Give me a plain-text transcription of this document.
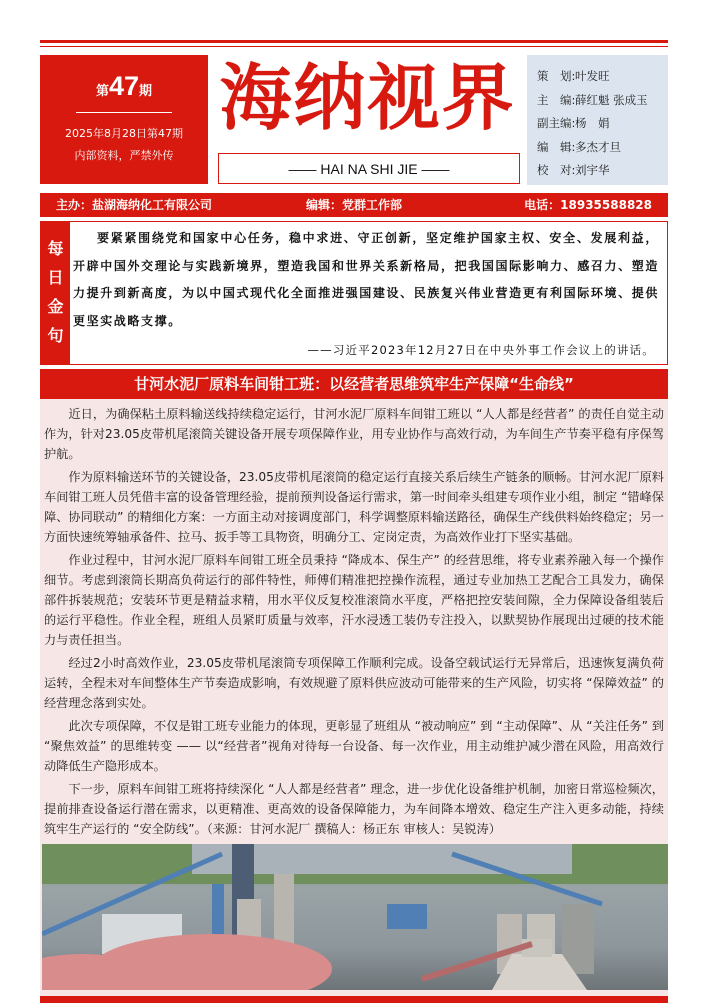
第47期
2025年8月28日第47期
内部资料，严禁外传
海纳视界
—— HAI NA SHI JIE ——
策　划:叶发旺
主　编:薛红魁 张成玉
副主编:杨　娟
编　辑:多杰才旦
校　对:刘宇华
主办：盐湖海纳化工有限公司	编辑：党群工作部	电话：18935588828
每日金句
要紧紧围绕党和国家中心任务，稳中求进、守正创新，坚定维护国家主权、安全、发展利益，开辟中国外交理论与实践新境界，塑造我国和世界关系新格局，把我国国际影响力、感召力、塑造力提升到新高度，为以中国式现代化全面推进强国建设、民族复兴伟业营造更有利国际环境、提供更坚实战略支撑。
——习近平2023年12月27日在中央外事工作会议上的讲话。
甘河水泥厂原料车间钳工班：以经营者思维筑牢生产保障“生命线”

近日，为确保粘土原料输送线持续稳定运行，甘河水泥厂原料车间钳工班以 “人人都是经营者” 的责任自觉主动作为，针对23.05皮带机尾滚筒关键设备开展专项保障作业，用专业协作与高效行动，为车间生产节奏平稳有序保驾护航。

作为原料输送环节的关键设备，23.05皮带机尾滚筒的稳定运行直接关系后续生产链条的顺畅。甘河水泥厂原料车间钳工班人员凭借丰富的设备管理经验，提前预判设备运行需求，第一时间牵头组建专项作业小组，制定 “错峰保障、协同联动” 的精细化方案：一方面主动对接调度部门，科学调整原料输送路径，确保生产线供料始终稳定；另一方面快速统筹轴承备件、拉马、扳手等工具物资，明确分工、定岗定责，为高效作业打下坚实基础。

作业过程中，甘河水泥厂原料车间钳工班全员秉持 “降成本、保生产” 的经营思维，将专业素养融入每一个操作细节。考虑到滚筒长期高负荷运行的部件特性，师傅们精准把控操作流程，通过专业加热工艺配合工具发力，确保部件拆装规范；安装环节更是精益求精，用水平仪反复校准滚筒水平度，严格把控安装间隙，全力保障设备组装后的运行平稳性。作业全程，班组人员紧盯质量与效率，汗水浸透工装仍专注投入，以默契协作展现出过硬的技术能力与责任担当。

经过2小时高效作业，23.05皮带机尾滚筒专项保障工作顺利完成。设备空载试运行无异常后，迅速恢复满负荷运转，全程未对车间整体生产节奏造成影响，有效规避了原料供应波动可能带来的生产风险，切实将 “保障效益” 的经营理念落到实处。

此次专项保障，不仅是钳工班专业能力的体现，更彰显了班组从 “被动响应” 到 “主动保障”、从 “关注任务” 到 “聚焦效益” 的思维转变 —— 以“经营者”视角对待每一台设备、每一次作业，用主动维护减少潜在风险，用高效行动降低生产隐形成本。

下一步，原料车间钳工班将持续深化 “人人都是经营者” 理念，进一步优化设备维护机制，加密日常巡检频次，提前排查设备运行潜在需求，以更精准、更高效的设备保障能力，为车间降本增效、稳定生产注入更多动能，持续筑牢生产运行的 “安全防线”。（来源：甘河水泥厂 撰稿人：杨正东 审核人：吴锐涛）
